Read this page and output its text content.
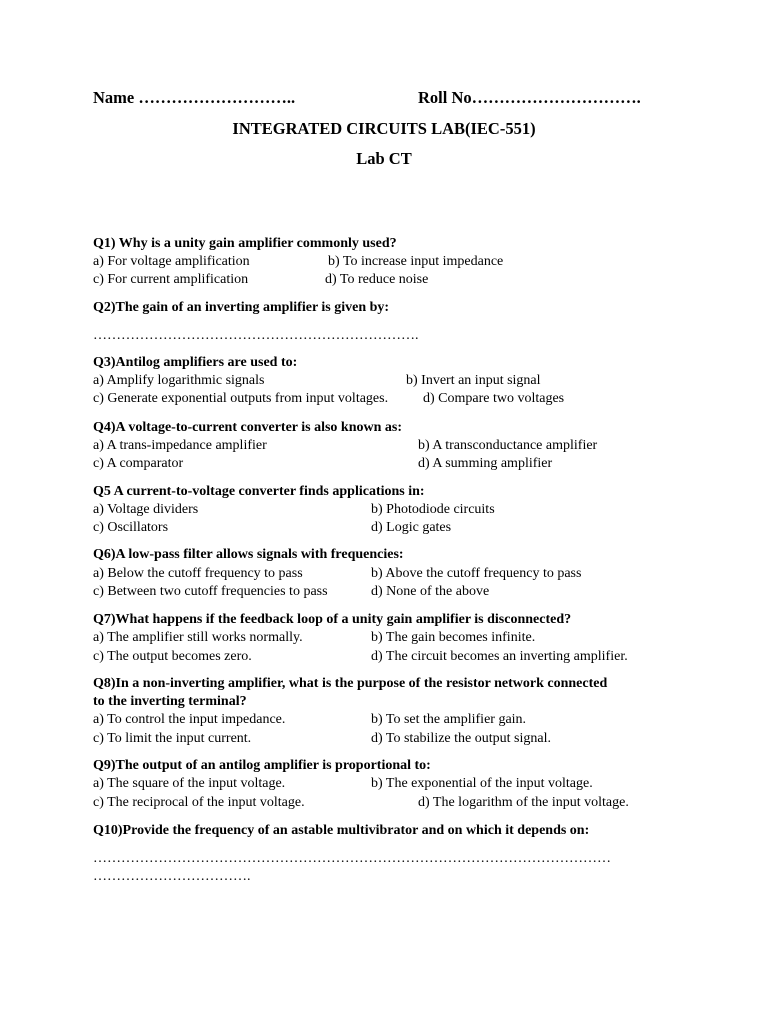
Name ………………………..	Roll No………………………….
INTEGRATED CIRCUITS LAB(IEC-551)
Lab CT
Q1) Why is a unity gain amplifier commonly used?
a) For voltage amplification	b) To increase input impedance
c) For current amplification	d) To reduce noise
Q2)The gain of an inverting amplifier is given by:
…………………………………………………………….
Q3)Antilog amplifiers are used to:
a) Amplify logarithmic signals	b) Invert an input signal
c) Generate exponential outputs from input voltages. d) Compare two voltages
Q4)A voltage-to-current converter is also known as:
a) A trans-impedance amplifier	b) A transconductance amplifier
c) A comparator	d) A summing amplifier
Q5 A current-to-voltage converter finds applications in:
a) Voltage dividers	b) Photodiode circuits
c) Oscillators	d) Logic gates
Q6)A low-pass filter allows signals with frequencies:
a) Below the cutoff frequency to pass	b) Above the cutoff frequency to pass
c) Between two cutoff frequencies to pass	d) None of the above
Q7)What happens if the feedback loop of a unity gain amplifier is disconnected?
a) The amplifier still works normally.	b) The gain becomes infinite.
c) The output becomes zero.	d) The circuit becomes an inverting amplifier.
Q8)In a non-inverting amplifier, what is the purpose of the resistor network connected
to the inverting terminal?
a) To control the input impedance.	b) To set the amplifier gain.
c) To limit the input current.	d) To stabilize the output signal.
Q9)The output of an antilog amplifier is proportional to:
a) The square of the input voltage.	b) The exponential of the input voltage.
c) The reciprocal of the input voltage.	d) The logarithm of the input voltage.
Q10)Provide the frequency of an astable multivibrator and on which it depends on:
…………………………………………………………………………………………………
…………………………….
